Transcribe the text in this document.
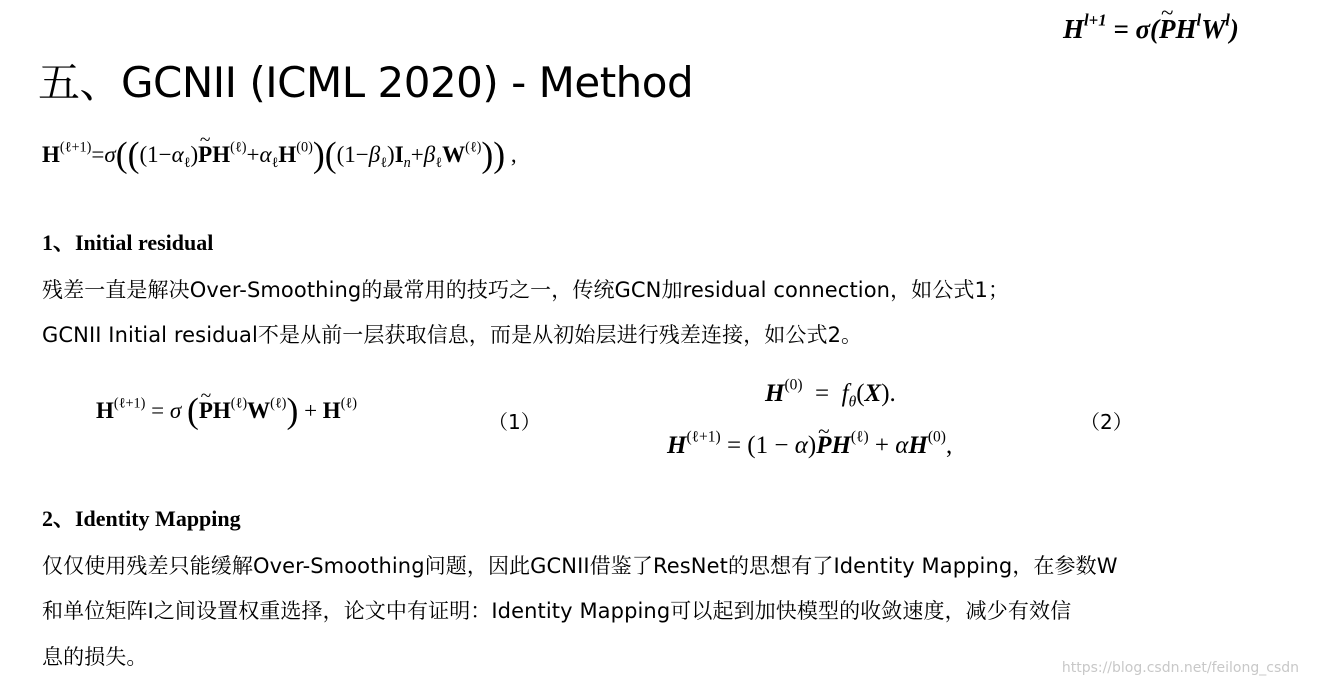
五、GCNII (ICML 2020) - Method
$H^{l+1}$ = σ(~ $PH^lW^l$)
$H^{(\ell+1)}=\sigma(((1-\alpha_\ell)\sim$ $PH^{(\ell)}+\alpha_\ell H^{(0)})((1-\beta_\ell)I_n+\beta_\ell W^{(\ell)})$) ,
1、Initial residual
残差一直是解决Over-Smoothing的最常用的技巧之一，传统GCN加residual connection，如公式1；
GCNII Initial residual不是从前一层获取信息，而是从初始层进行残差连接，如公式2。
$H^{(\ell+1)} = \sigma$ (~ $PH^{(\ell)}W^{(\ell)}) + H^{(\ell)}$
（1）
$H^{(0)} = f_\theta(X)$.
$H^{(\ell+1)} = (1$ − α)~ $PH^{(\ell)} + \alpha H^{(0)}$,
（2）
2、Identity Mapping
仅仅使用残差只能缓解Over-Smoothing问题，因此GCNII借鉴了ResNet的思想有了Identity Mapping，在参数W
和单位矩阵I之间设置权重选择，论文中有证明：Identity Mapping可以起到加快模型的收敛速度，减少有效信
息的损失。	https://blog.csdn.net/feilong_csdn
